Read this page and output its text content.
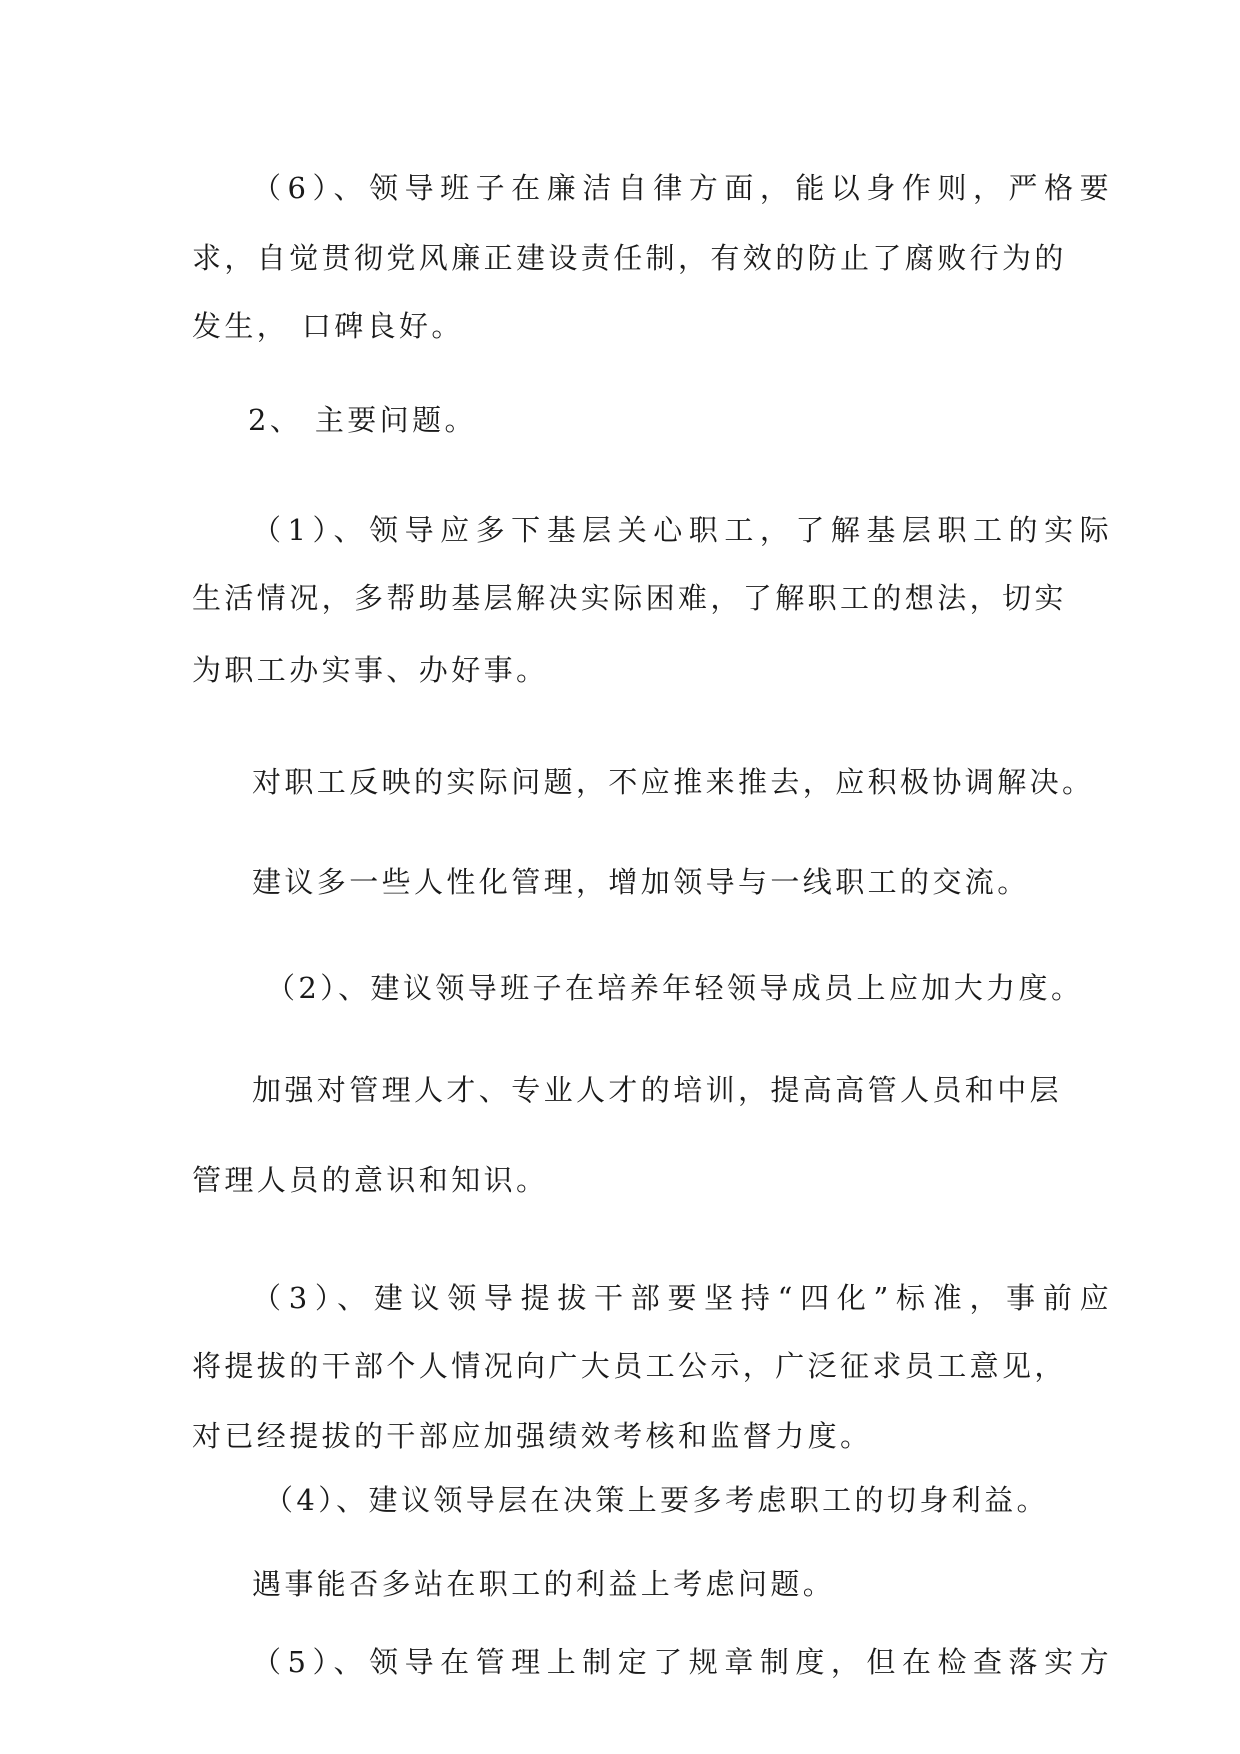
（6）、领导班子在廉洁自律方面，能以身作则，严格要
求，自觉贯彻党风廉正建设责任制，有效的防止了腐败行为的
发生， 口碑良好。
2、 主要问题。
（1）、领导应多下基层关心职工，了解基层职工的实际
生活情况，多帮助基层解决实际困难，了解职工的想法，切实
为职工办实事、办好事。
对职工反映的实际问题，不应推来推去，应积极协调解决。
建议多一些人性化管理，增加领导与一线职工的交流。
（2）、建议领导班子在培养年轻领导成员上应加大力度。
加强对管理人才、专业人才的培训，提高高管人员和中层
管理人员的意识和知识。
（3）、建议领导提拔干部要坚持“四化”标准，事前应
将提拔的干部个人情况向广大员工公示，广泛征求员工意见，
对已经提拔的干部应加强绩效考核和监督力度。
（4）、建议领导层在决策上要多考虑职工的切身利益。
遇事能否多站在职工的利益上考虑问题。
（5）、领导在管理上制定了规章制度，但在检查落实方
